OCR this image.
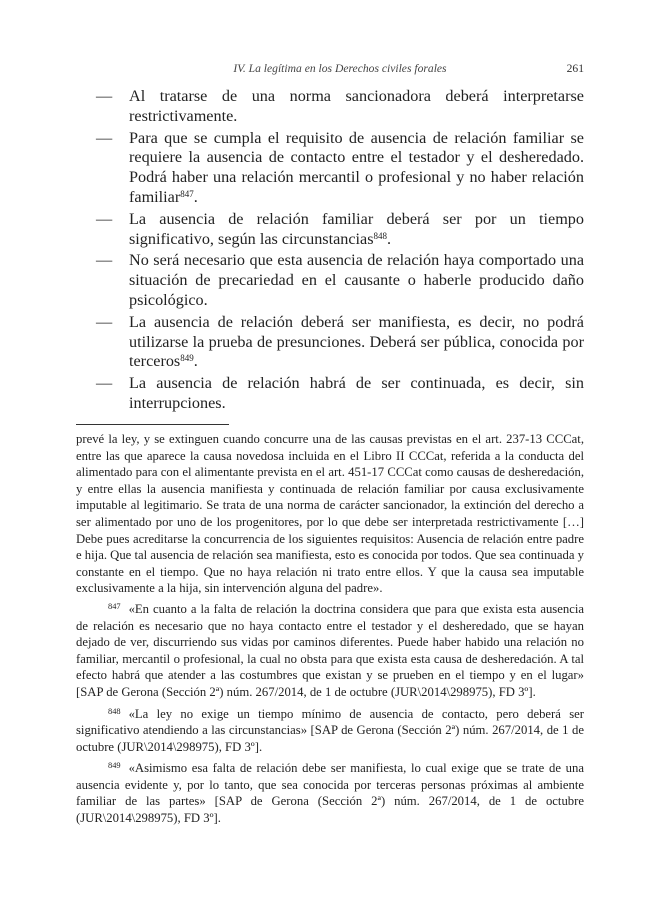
IV. La legítima en los Derechos civiles forales	261
— Al tratarse de una norma sancionadora deberá interpretarse restrictivamente.
— Para que se cumpla el requisito de ausencia de relación familiar se requiere la ausencia de contacto entre el testador y el desheredado. Podrá haber una relación mercantil o profesional y no haber relación familiar$^{847}$.
— La ausencia de relación familiar deberá ser por un tiempo significativo, según las circunstancias$^{848}$.
— No será necesario que esta ausencia de relación haya comportado una situación de precariedad en el causante o haberle producido daño psicológico.
— La ausencia de relación deberá ser manifiesta, es decir, no podrá utilizarse la prueba de presunciones. Deberá ser pública, conocida por terceros$^{849}$.
— La ausencia de relación habrá de ser continuada, es decir, sin interrupciones.

prevé la ley, y se extinguen cuando concurre una de las causas previstas en el art. 237-13 CCCat, entre las que aparece la causa novedosa incluida en el Libro II CCCat, referida a la conducta del alimentado para con el alimentante prevista en el art. 451-17 CCCat como causas de desheredación, y entre ellas la ausencia manifiesta y continuada de relación familiar por causa exclusivamente imputable al legitimario. Se trata de una norma de carácter sancionador, la extinción del derecho a ser alimentado por uno de los progenitores, por lo que debe ser interpretada restrictivamente […] Debe pues acreditarse la concurrencia de los siguientes requisitos: Ausencia de relación entre padre e hija. Que tal ausencia de relación sea manifiesta, esto es conocida por todos. Que sea continuada y constante en el tiempo. Que no haya relación ni trato entre ellos. Y que la causa sea imputable exclusivamente a la hija, sin intervención alguna del padre».

$^{847}$ «En cuanto a la falta de relación la doctrina considera que para que exista esta ausencia de relación es necesario que no haya contacto entre el testador y el desheredado, que se hayan dejado de ver, discurriendo sus vidas por caminos diferentes. Puede haber habido una relación no familiar, mercantil o profesional, la cual no obsta para que exista esta causa de desheredación. A tal efecto habrá que atender a las costumbres que existan y se prueben en el tiempo y en el lugar» [SAP de Gerona (Sección 2ª) núm. 267/2014, de 1 de octubre (JUR\2014\298975), FD 3º].

$^{848}$ «La ley no exige un tiempo mínimo de ausencia de contacto, pero deberá ser significativo atendiendo a las circunstancias» [SAP de Gerona (Sección 2ª) núm. 267/2014, de 1 de octubre (JUR\2014\298975), FD 3º].

$^{849}$ «Asimismo esa falta de relación debe ser manifiesta, lo cual exige que se trate de una ausencia evidente y, por lo tanto, que sea conocida por terceras personas próximas al ambiente familiar de las partes» [SAP de Gerona (Sección 2ª) núm. 267/2014, de 1 de octubre (JUR\2014\298975), FD 3º].
